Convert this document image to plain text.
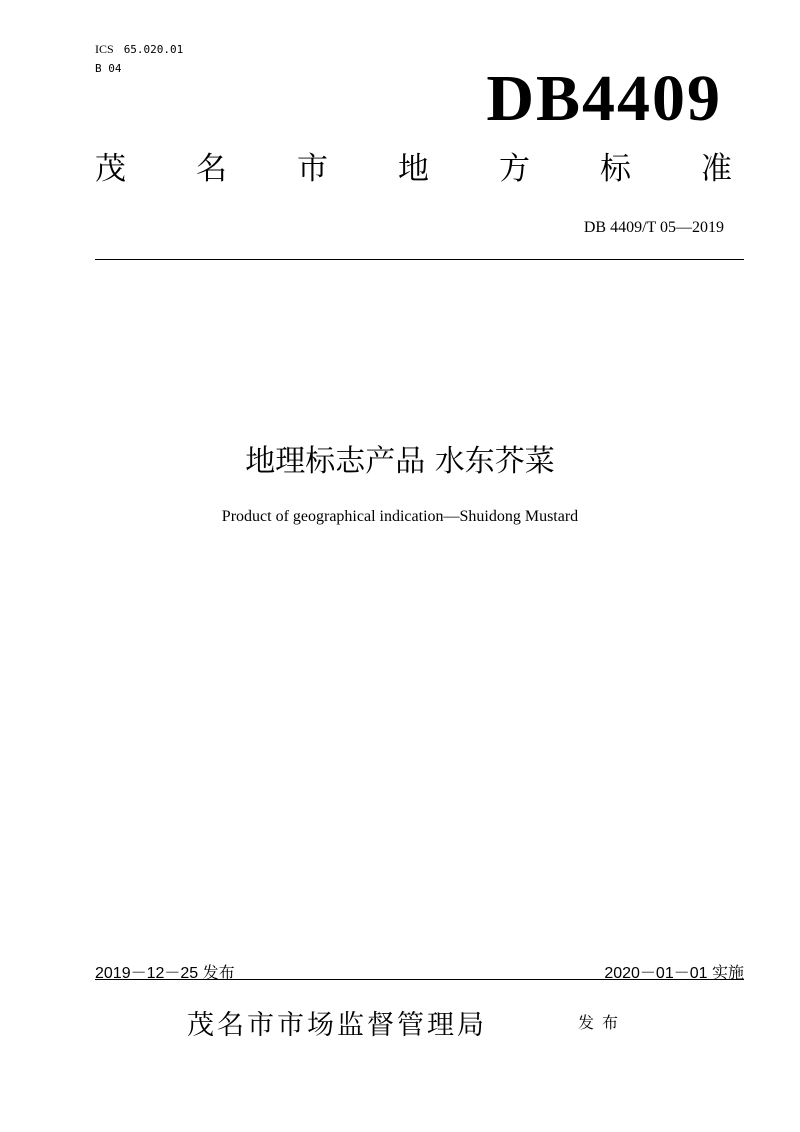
ICS 65.020.01
B 04	DB4409
茂 名 市 地 方 标 准
DB 4409/T 05—2019
地理标志产品 水东芥菜
Product of geographical indication—Shuidong Mustard
2019－12－25 发布	2020－01－01 实施
茂名市市场监督管理局	发布
